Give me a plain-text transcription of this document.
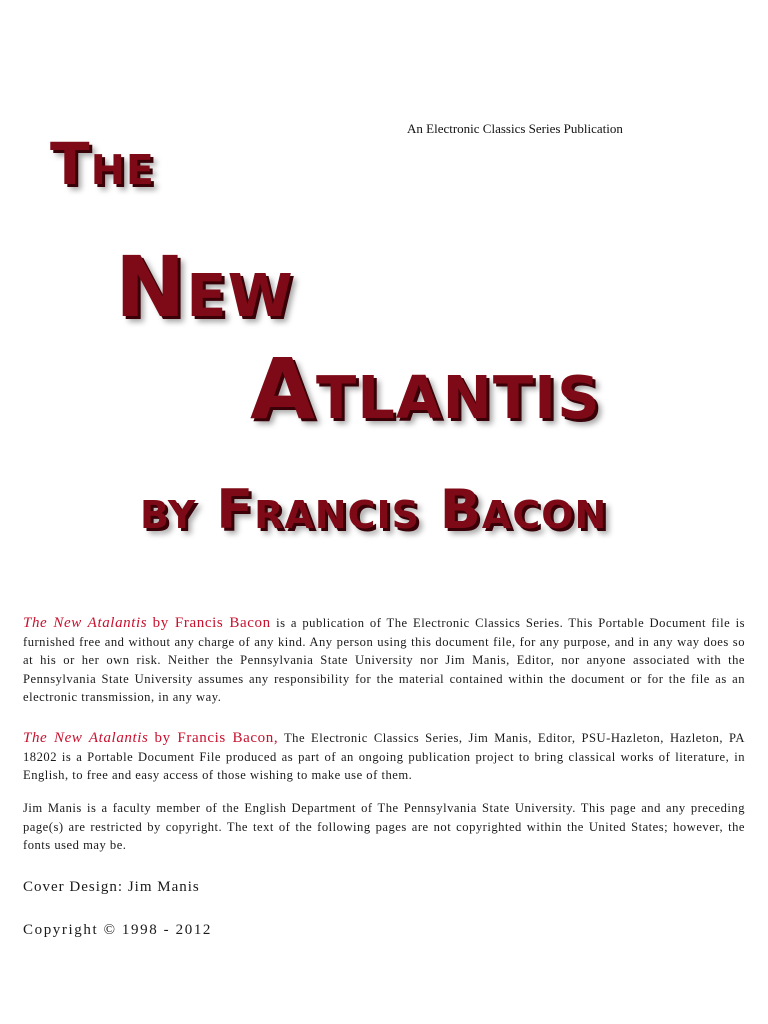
An Electronic Classics Series Publication
The
New
Atlantis
by Francis Bacon

The New Atalantis by Francis Bacon is a publication of The Electronic Classics Series. This Portable Document file is furnished free and without any charge of any kind. Any person using this document file, for any purpose, and in any way does so at his or her own risk. Neither the Pennsylvania State University nor Jim Manis, Editor, nor anyone associated with the Pennsylvania State University assumes any responsibility for the material contained within the document or for the file as an electronic transmission, in any way.

The New Atalantis by Francis Bacon, The Electronic Classics Series, Jim Manis, Editor, PSU-Hazleton, Hazleton, PA 18202 is a Portable Document File produced as part of an ongoing publication project to bring classical works of literature, in English, to free and easy access of those wishing to make use of them.

Jim Manis is a faculty member of the English Department of The Pennsylvania State University. This page and any preceding page(s) are restricted by copyright. The text of the following pages are not copyrighted within the United States; however, the fonts used may be.

Cover Design: Jim Manis

Copyright © 1998 - 2012
